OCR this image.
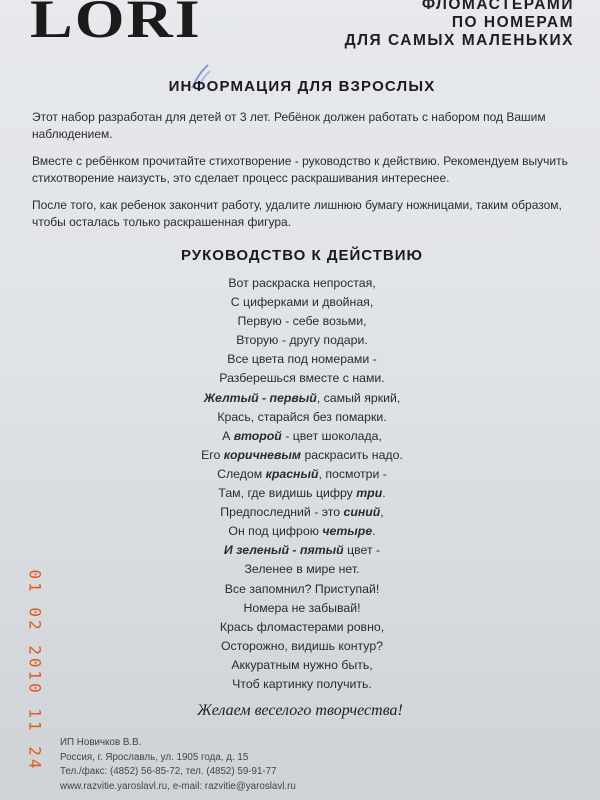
LORI	ФЛОМАСТЕРАМИ
ПО НОМЕРАМ
ДЛЯ САМЫХ МАЛЕНЬКИХ
ИНФОРМАЦИЯ ДЛЯ ВЗРОСЛЫХ

Этот набор разработан для детей от 3 лет. Ребёнок должен работать с набором под Вашим наблюдением.

Вместе с ребёнком прочитайте стихотворение - руководство к действию. Рекомендуем выучить стихотворение наизусть, это сделает процесс раскрашивания интереснее.

После того, как ребенок закончит работу, удалите лишнюю бумагу ножницами, таким образом, чтобы осталась только раскрашенная фигура.

РУКОВОДСТВО К ДЕЙСТВИЮ
Вот раскраска непростая,
С циферками и двойная,
Первую - себе возьми,
Вторую - другу подари.
Все цвета под номерами -
Разберешься вместе с нами.
Желтый - первый, самый яркий,
Крась, старайся без помарки.
А второй - цвет шоколада,
Его коричневым раскрасить надо.
Следом красный, посмотри -
Там, где видишь цифру три.
Предпоследний - это синий,
Он под цифрою четыре.
И зеленый - пятый цвет -
Зеленее в мире нет.
Все запомнил? Приступай!
Номера не забывай!
Крась фломастерами ровно,
Осторожно, видишь контур?
Аккуратным нужно быть,
Чтоб картинку получить.
Желаем веселого творчества!
ИП Новичков В.В.
Россия, г. Ярославль, ул. 1905 года, д. 15
Тел./факс: (4852) 56-85-72, тел. (4852) 59-91-77
www.razvitie.yaroslavl.ru, e-mail: razvitie@yaroslavl.ru
01 02 2010 11 24
